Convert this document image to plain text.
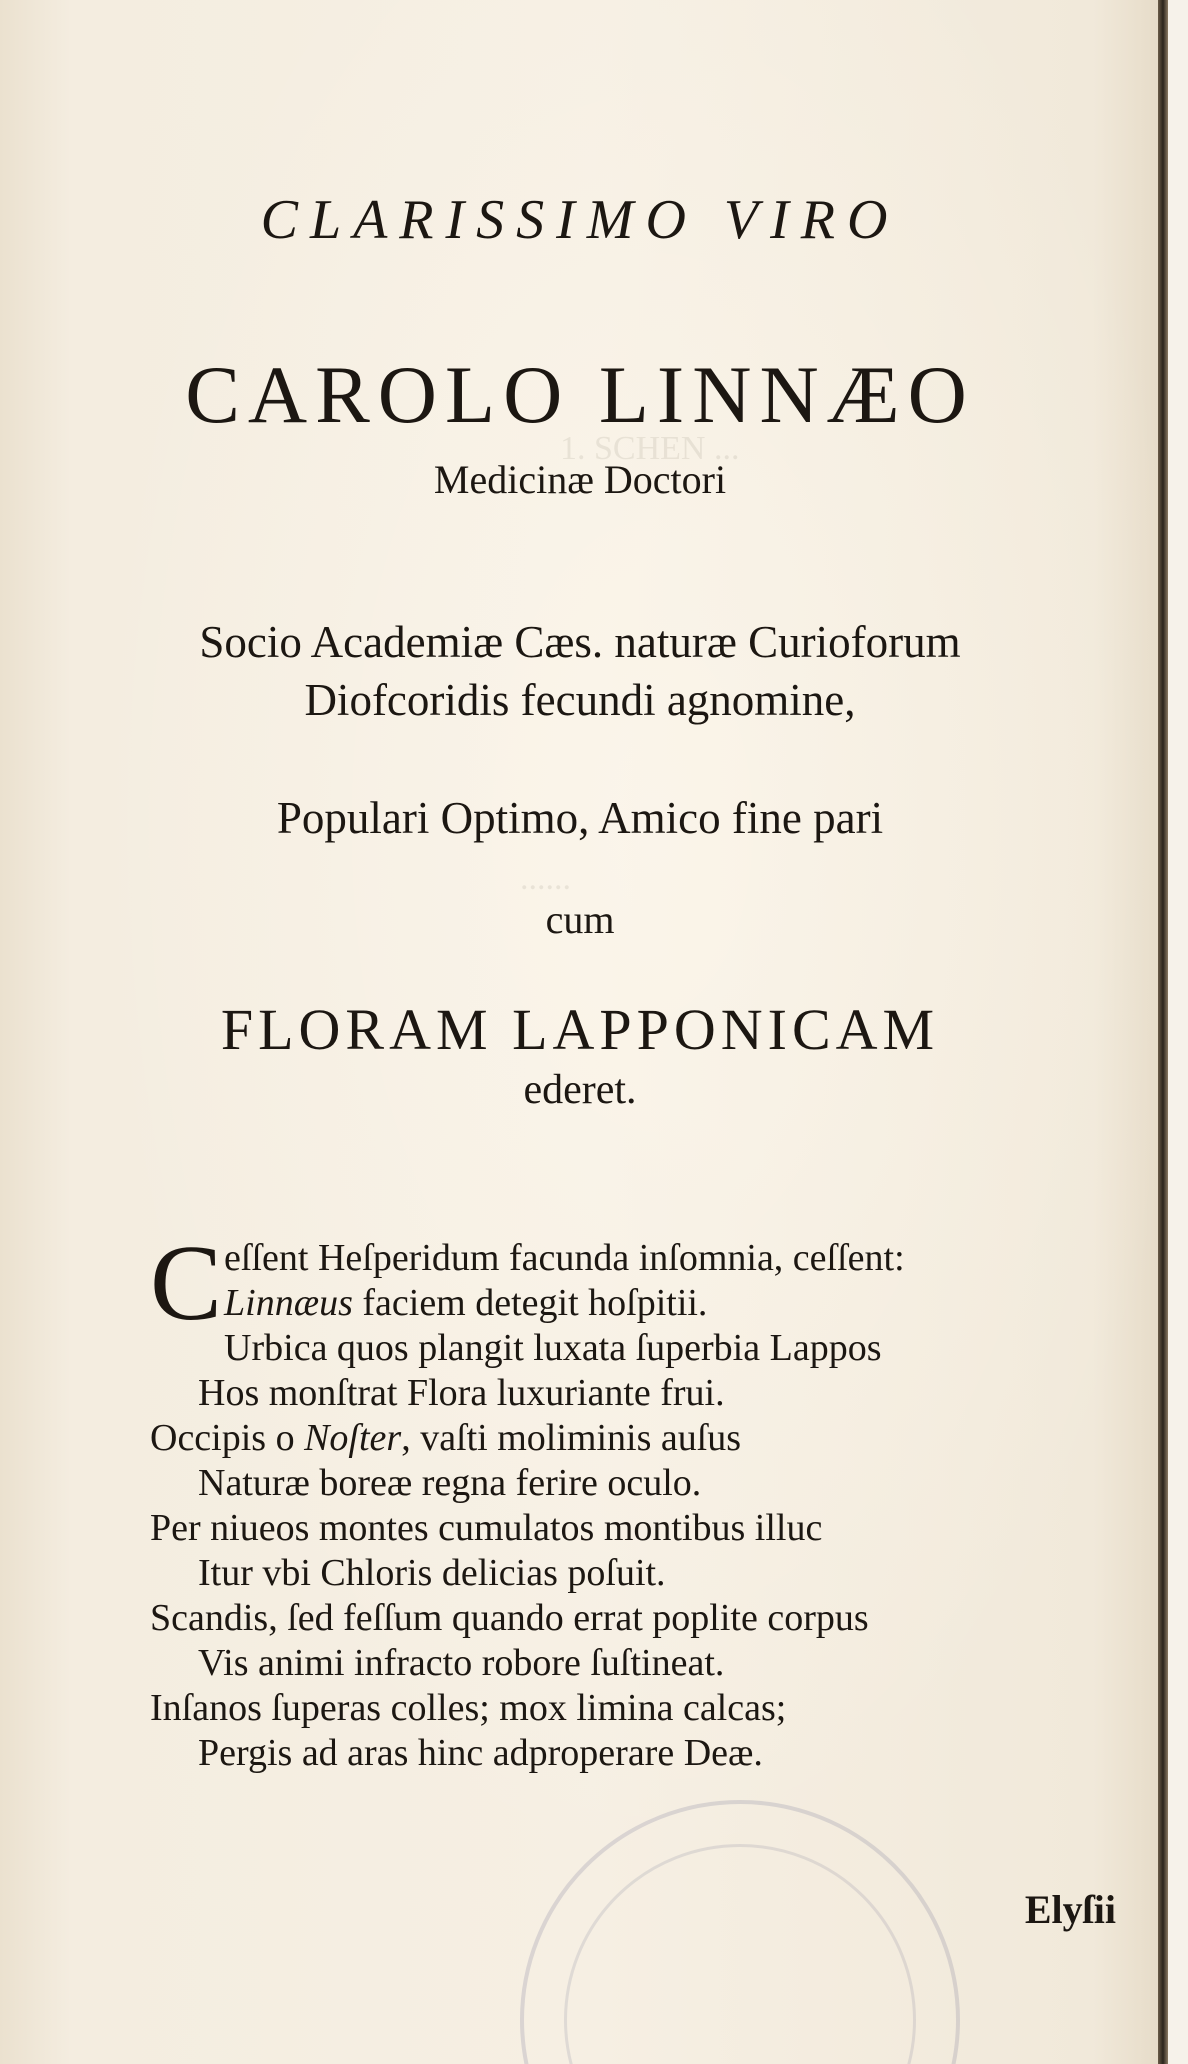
1. SCHEN ...
......
CLARISSIMO VIRO
CAROLO LINNÆO
Medicinæ Doctori
Socio Academiæ Cæs. naturæ Curioforum
Diofcoridis fecundi agnomine,
Populari Optimo, Amico fine pari
cum
FLORAM LAPPONICAM
ederet.
C eſſent Heſperidum facunda inſomnia, ceſſent:
Linnæus faciem detegit hoſpitii.
Urbica quos plangit luxata ſuperbia Lappos
Hos monſtrat Flora luxuriante frui.
Occipis o Noſter, vaſti moliminis auſus
Naturæ boreæ regna ferire oculo.
Per niueos montes cumulatos montibus illuc
Itur vbi Chloris delicias poſuit.
Scandis, ſed feſſum quando errat poplite corpus
Vis animi infracto robore ſuſtineat.
Inſanos ſuperas colles; mox limina calcas;
Pergis ad aras hinc adproperare Deæ.
Elyſii
